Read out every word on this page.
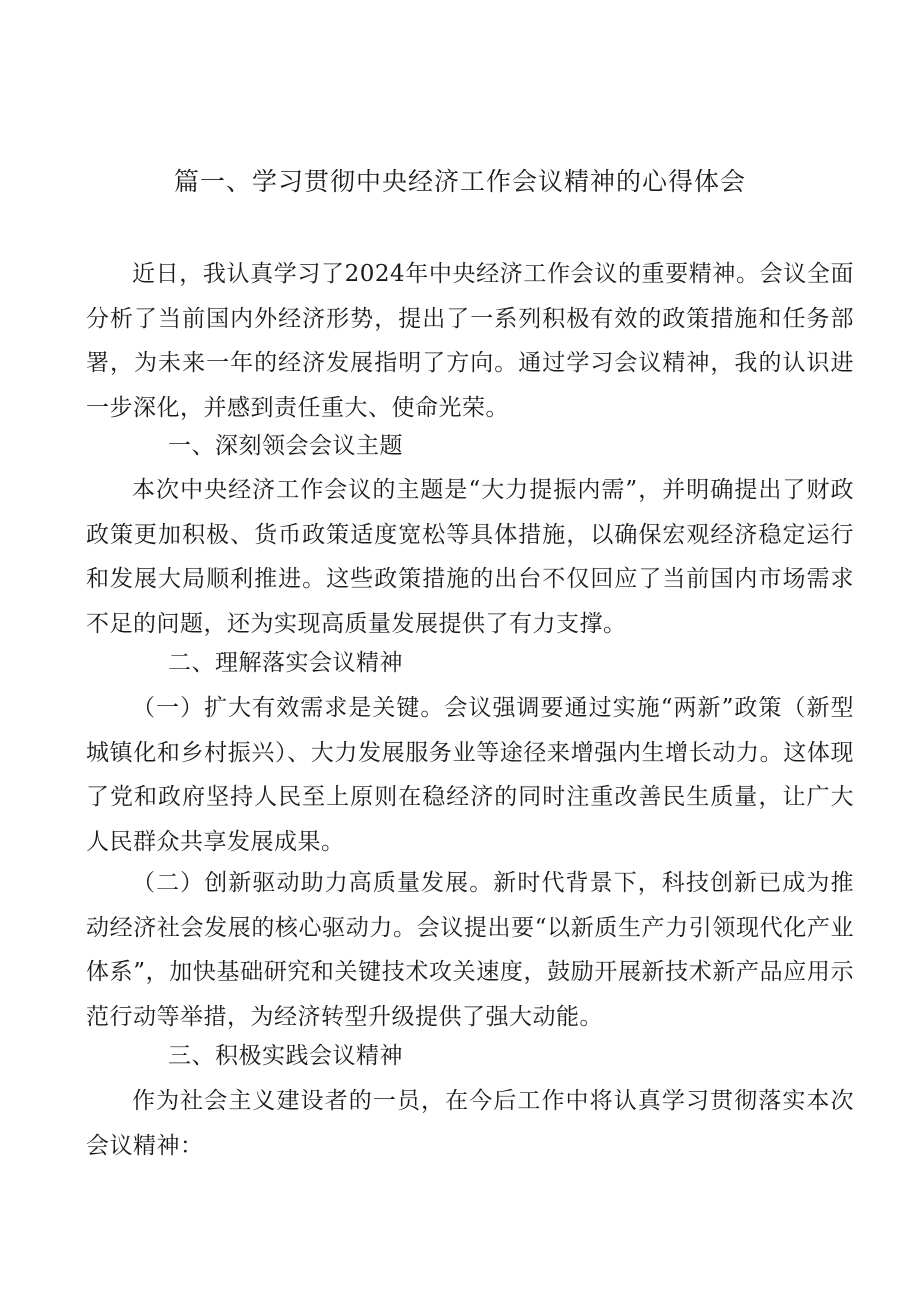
篇一、学习贯彻中央经济工作会议精神的心得体会

近日，我认真学习了2024年中央经济工作会议的重要精神。会议全面分析了当前国内外经济形势，提出了一系列积极有效的政策措施和任务部署，为未来一年的经济发展指明了方向。通过学习会议精神，我的认识进一步深化，并感到责任重大、使命光荣。

一、深刻领会会议主题

本次中央经济工作会议的主题是“大力提振内需”，并明确提出了财政政策更加积极、货币政策适度宽松等具体措施，以确保宏观经济稳定运行和发展大局顺利推进。这些政策措施的出台不仅回应了当前国内市场需求不足的问题，还为实现高质量发展提供了有力支撑。

二、理解落实会议精神

（一）扩大有效需求是关键。会议强调要通过实施“两新”政策（新型城镇化和乡村振兴）、大力发展服务业等途径来增强内生增长动力。这体现了党和政府坚持人民至上原则在稳经济的同时注重改善民生质量，让广大人民群众共享发展成果。

（二）创新驱动助力高质量发展。新时代背景下，科技创新已成为推动经济社会发展的核心驱动力。会议提出要“以新质生产力引领现代化产业体系”，加快基础研究和关键技术攻关速度，鼓励开展新技术新产品应用示范行动等举措，为经济转型升级提供了强大动能。

三、积极实践会议精神

作为社会主义建设者的一员，在今后工作中将认真学习贯彻落实本次会议精神：
